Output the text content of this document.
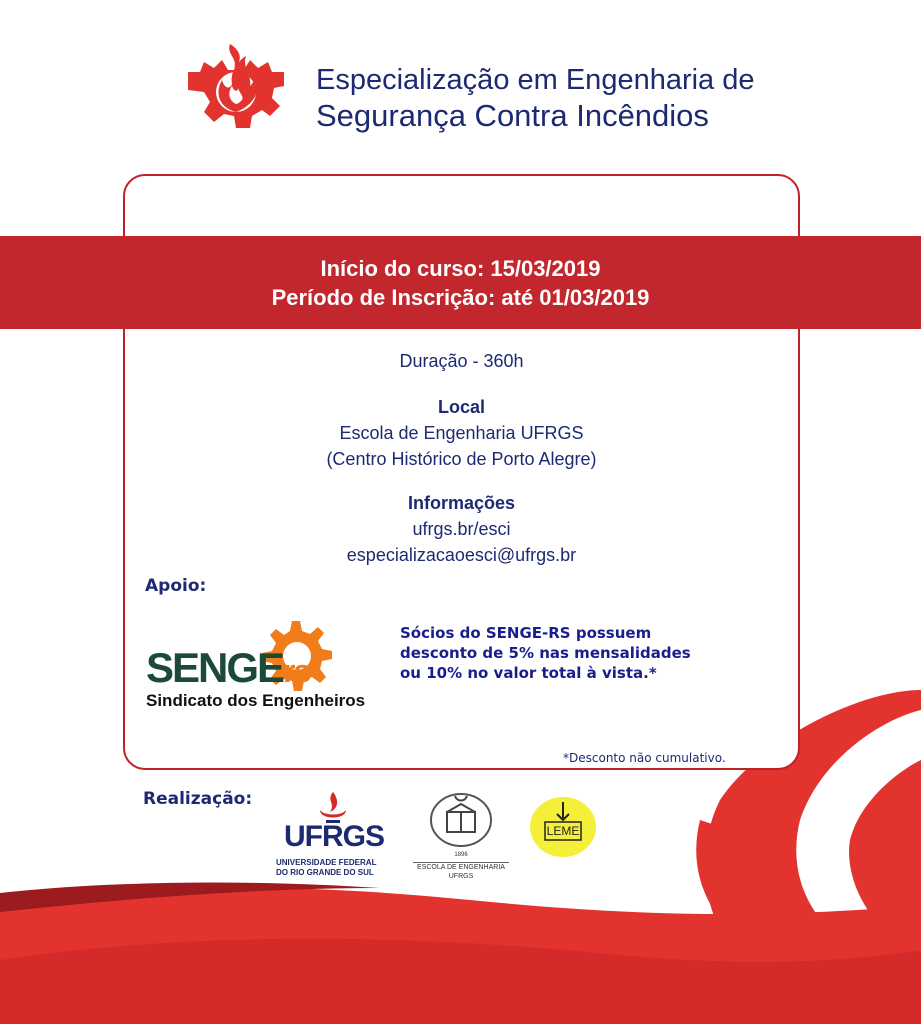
Especialização em Engenharia de
Segurança Contra Incêndios
Início do curso: 15/03/2019
Período de Inscrição: até 01/03/2019
Duração - 360h
Local
Escola de Engenharia UFRGS
(Centro Histórico de Porto Alegre)
Informações
ufrgs.br/esci
especializacaoesci@ufrgs.br
Apoio:
SENGErs
Sindicato dos Engenheiros
Sócios do SENGE-RS possuem
desconto de 5% nas mensalidades
ou 10% no valor total à vista.*
*Desconto não cumulativo.
Realização:
UFRGS
UNIVERSIDADE FEDERAL
DO RIO GRANDE DO SUL
1896
ESCOLA DE ENGENHARIA
UFRGS
LEME
